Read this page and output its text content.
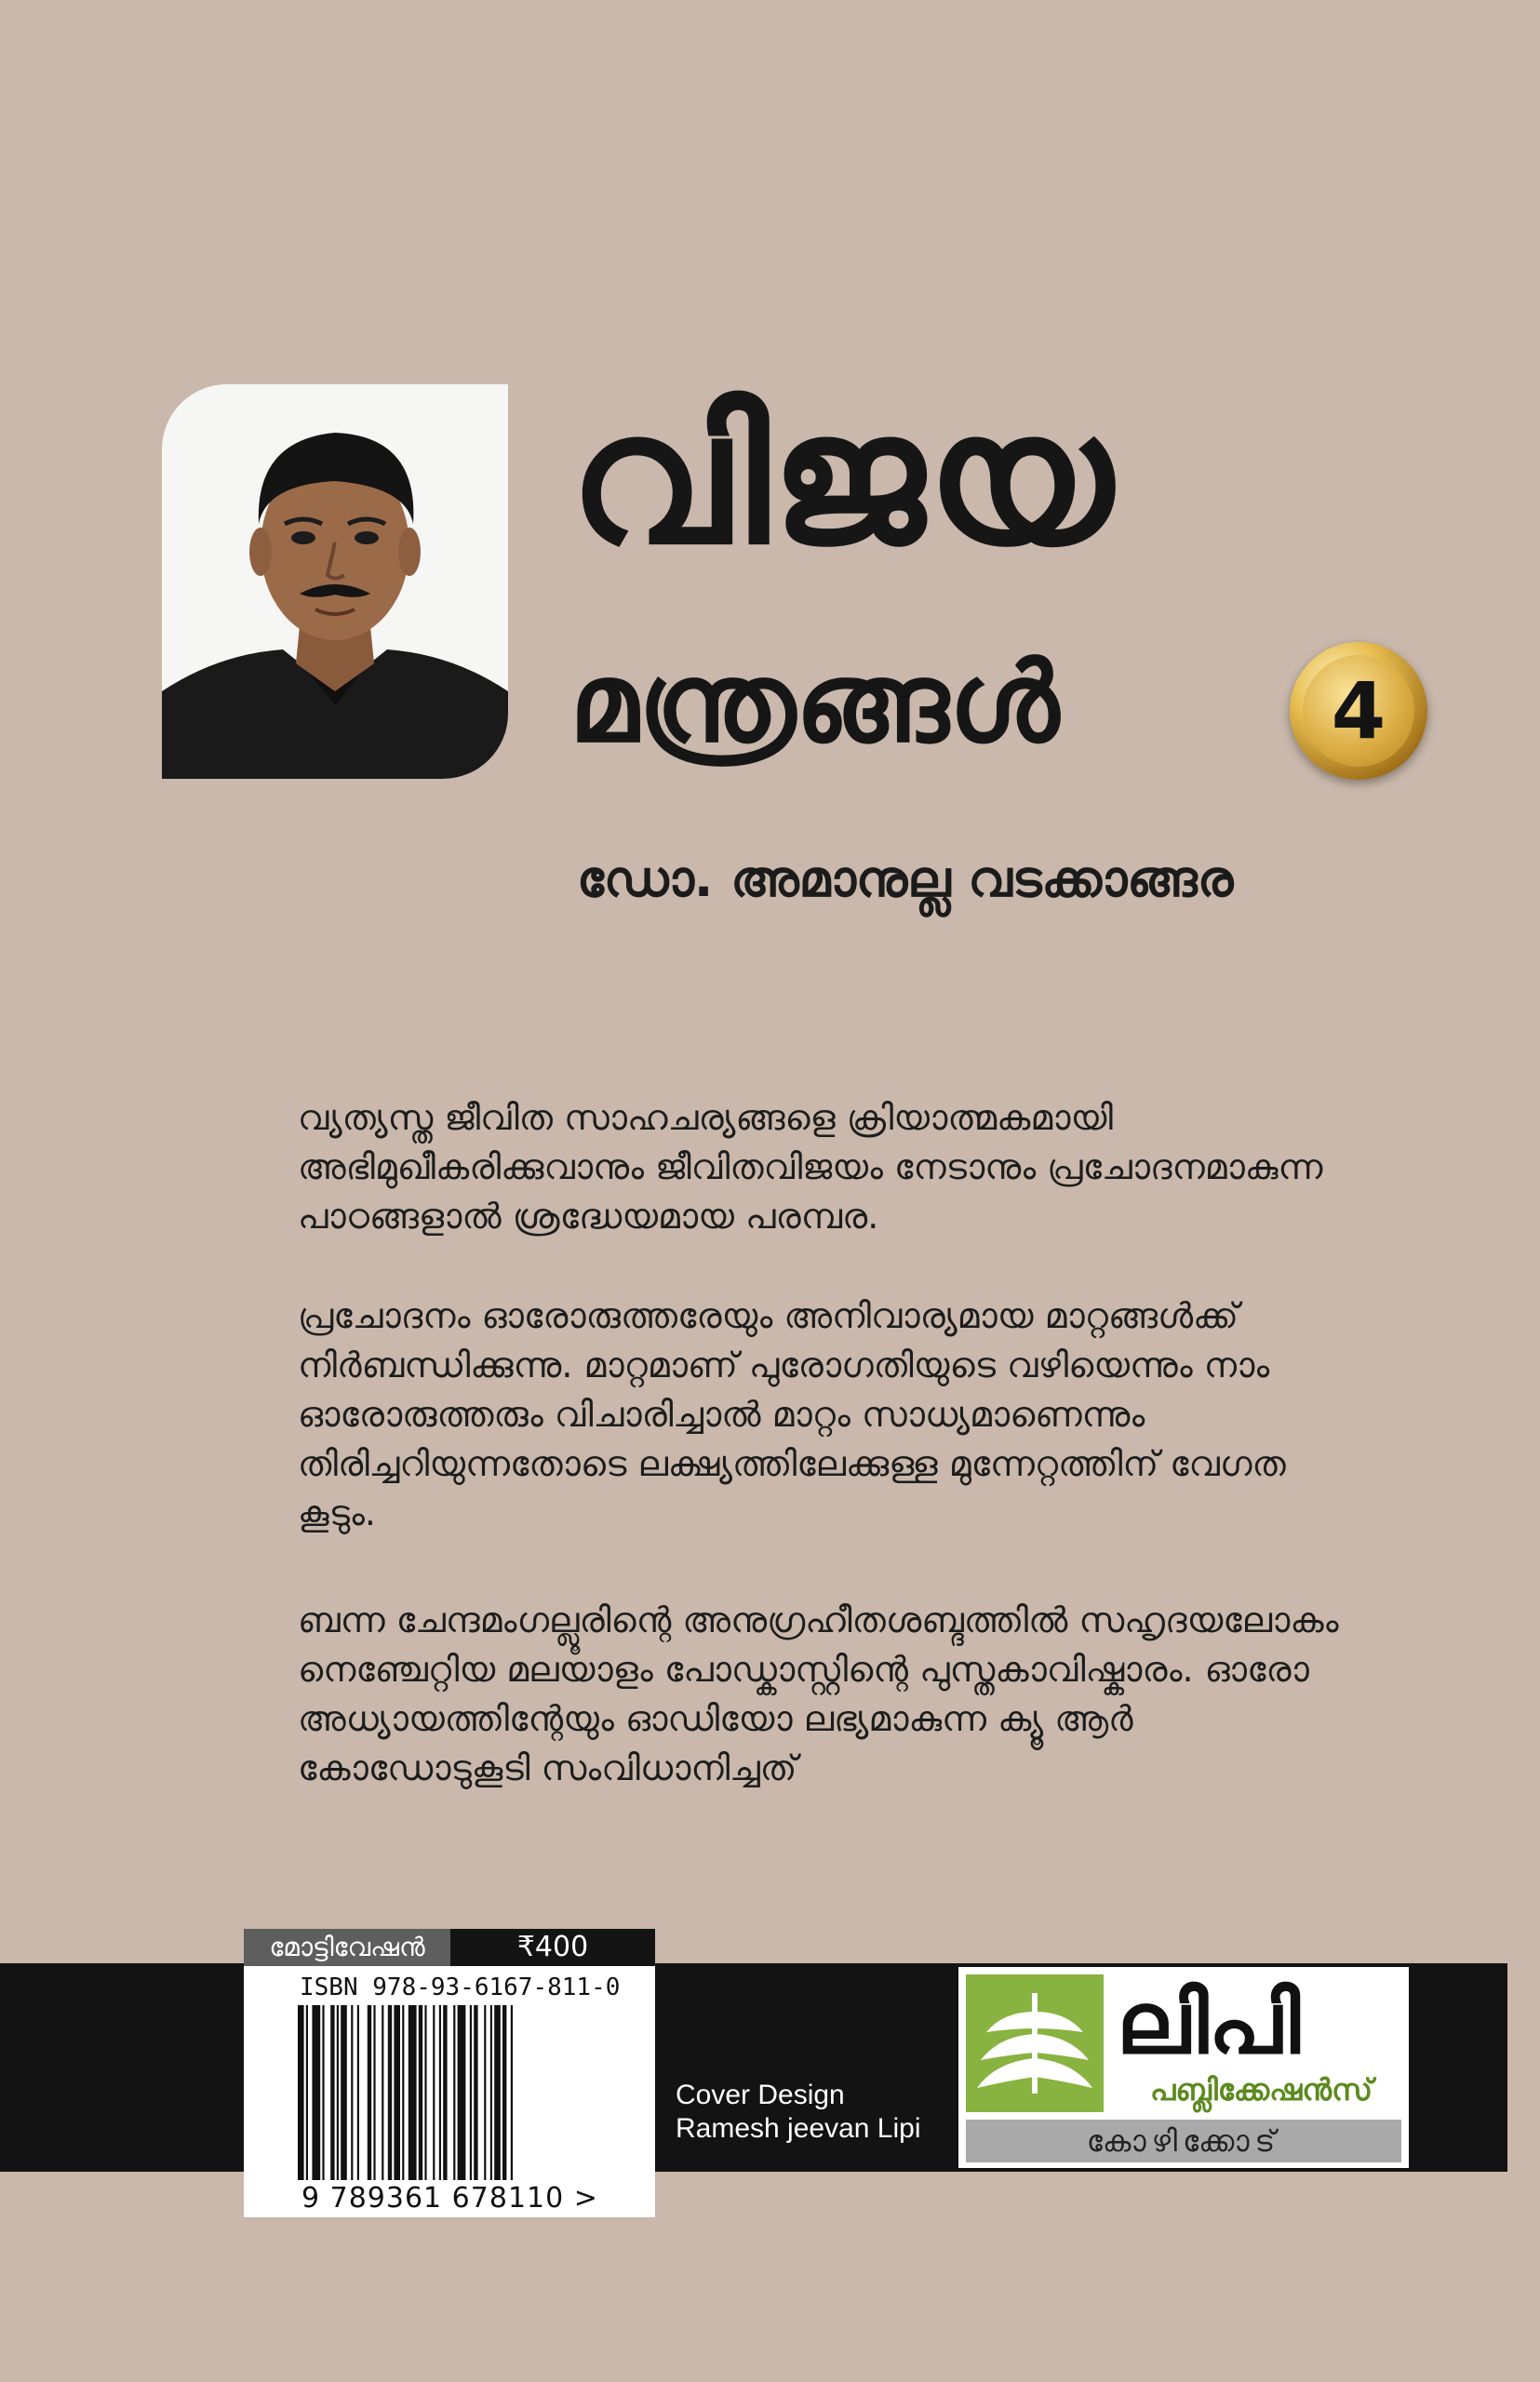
വിജയ
മന്ത്രങ്ങൾ	4
ഡോ. അമാനുല്ല വടക്കാങ്ങര
വ്യത്യസ്ത ജീവിത സാഹചര്യങ്ങളെ ക്രിയാത്മകമായി അഭിമുഖീകരിക്കുവാനും ജീവിതവിജയം നേടാനും പ്രചോദനമാകുന്ന പാഠങ്ങളാൽ ശ്രദ്ധേയമായ പരമ്പര.
പ്രചോദനം ഓരോരുത്തരേയും അനിവാര്യമായ മാറ്റങ്ങൾക്ക് നിർബന്ധിക്കുന്നു. മാറ്റമാണ് പുരോഗതിയുടെ വഴിയെന്നും നാം ഓരോരുത്തരും വിചാരിച്ചാൽ മാറ്റം സാധ്യമാണെന്നും തിരിച്ചറിയുന്നതോടെ ലക്ഷ്യത്തിലേക്കുള്ള മുന്നേറ്റത്തിന് വേഗത കൂടും.
ബന്ന ചേന്ദമംഗല്ലൂരിന്റെ അനുഗ്രഹീതശബ്ദത്തിൽ സഹൃദയലോകം നെഞ്ചേറ്റിയ മലയാളം പോഡ്കാസ്റ്റിന്റെ പുസ്തകാവിഷ്കാരം. ഓരോ അധ്യായത്തിന്റേയും ഓഡിയോ ലഭ്യമാകുന്ന ക്യൂ ആർ കോഡോടുകൂടി സംവിധാനിച്ചത്
മോട്ടിവേഷൻ	₹400
ISBN 978-93-6167-811-0
9 789361 678110 >
Cover Design
Ramesh jeevan Lipi
ലിപി
പബ്ലിക്കേഷൻസ്
കോഴിക്കോട്
